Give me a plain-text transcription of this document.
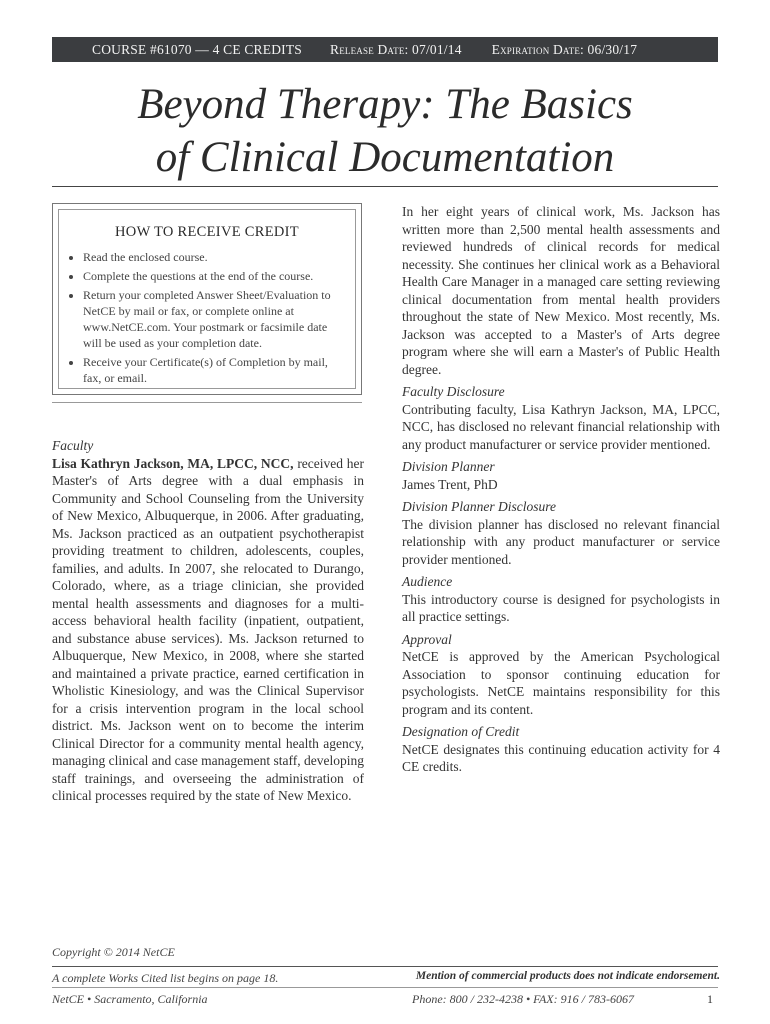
COURSE #61070 — 4 CE CREDITS Release Date: 07/01/14 Expiration Date: 06/30/17
Beyond Therapy: The Basics
of Clinical Documentation
HOW TO RECEIVE CREDIT
• Read the enclosed course.
• Complete the questions at the end of the course.
• Return your completed Answer Sheet/Evaluation to NetCE by mail or fax, or complete online at www.NetCE.com. Your postmark or facsimile date will be used as your completion date.
• Receive your Certificate(s) of Completion by mail, fax, or email.
Faculty

Lisa Kathryn Jackson, MA, LPCC, NCC, received her Master's of Arts degree with a dual emphasis in Community and School Counseling from the University of New Mexico, Albuquerque, in 2006. After graduating, Ms. Jackson practiced as an outpatient psychotherapist providing treatment to children, adolescents, couples, families, and adults. In 2007, she relocated to Durango, Colorado, where, as a triage clinician, she provided mental health assessments and diagnoses for a multi-access behavioral health facility (inpatient, outpatient, and substance abuse services). Ms. Jackson returned to Albuquerque, New Mexico, in 2008, where she started and maintained a private practice, earned certification in Wholistic Kinesiology, and was the Clinical Supervisor for a crisis intervention program in the local school district. Ms. Jackson went on to become the interim Clinical Director for a community mental health agency, managing clinical and case management staff, developing staff trainings, and overseeing the administration of clinical processes required by the state of New Mexico.

In her eight years of clinical work, Ms. Jackson has written more than 2,500 mental health assessments and reviewed hundreds of clinical records for medical necessity. She continues her clinical work as a Behavioral Health Care Manager in a managed care setting reviewing clinical documentation from mental health providers throughout the state of New Mexico. Most recently, Ms. Jackson was accepted to a Master's of Arts degree program where she will earn a Master's of Public Health degree.

Faculty Disclosure

Contributing faculty, Lisa Kathryn Jackson, MA, LPCC, NCC, has disclosed no relevant financial relationship with any product manufacturer or service provider mentioned.

Division Planner

James Trent, PhD

Division Planner Disclosure

The division planner has disclosed no relevant financial relationship with any product manufacturer or service provider mentioned.

Audience

This introductory course is designed for psychologists in all practice settings.

Approval

NetCE is approved by the American Psychological Association to sponsor continuing education for psychologists. NetCE maintains responsibility for this program and its content.

Designation of Credit

NetCE designates this continuing education activity for 4 CE credits.

Copyright © 2014 NetCE
A complete Works Cited list begins on page 18.	Mention of commercial products does not indicate endorsement.
NetCE • Sacramento, California	Phone: 800 / 232-4238 • FAX: 916 / 783-6067	1
